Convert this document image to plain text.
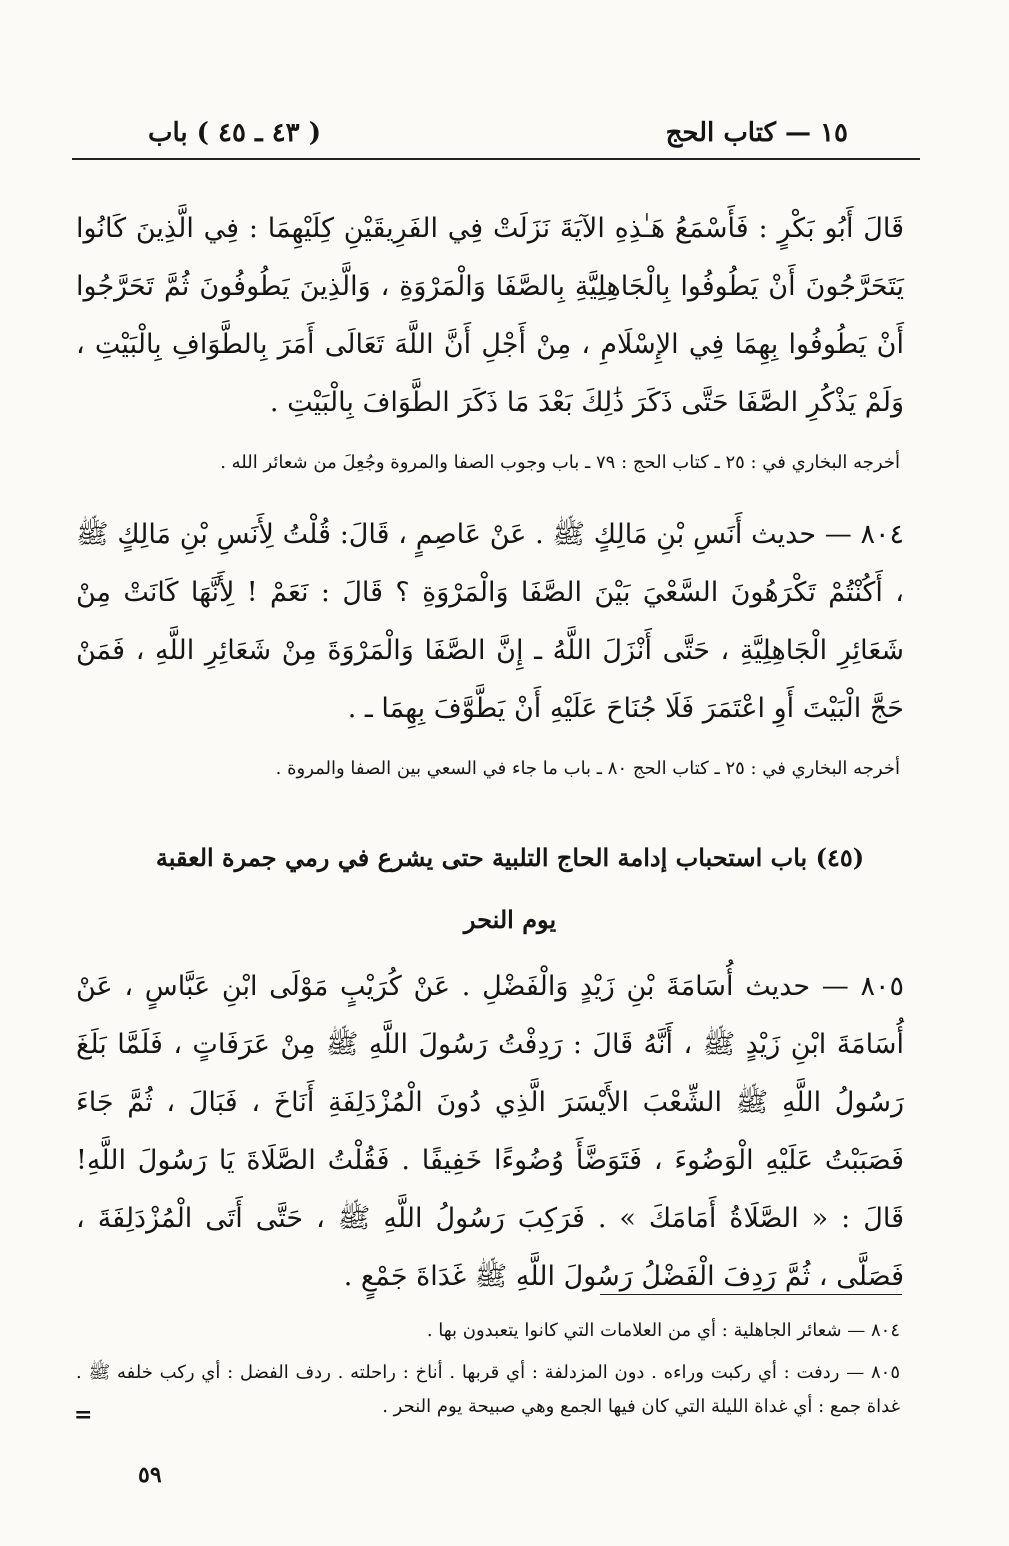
١٥ — كتاب الحج
( ٤٣ ـ ٤٥ ) باب
قَالَ أَبُو بَكْرٍ : فَأَسْمَعُ هَـٰذِهِ الآيَةَ نَزَلَتْ فِي الفَرِيقَيْنِ كِلَيْهِمَا : فِي الَّذِينَ كَانُوا يَتَحَرَّجُونَ أَنْ يَطُوفُوا بِالْجَاهِلِيَّةِ بِالصَّفَا وَالْمَرْوَةِ ، وَالَّذِينَ يَطُوفُونَ ثُمَّ تَحَرَّجُوا أَنْ يَطُوفُوا بِهِمَا فِي الإِسْلَامِ ، مِنْ أَجْلِ أَنَّ اللَّهَ تَعَالَى أَمَرَ بِالطَّوَافِ بِالْبَيْتِ ، وَلَمْ يَذْكُرِ الصَّفَا حَتَّى ذَكَرَ ذَٰلِكَ بَعْدَ مَا ذَكَرَ الطَّوَافَ بِالْبَيْتِ .
أخرجه البخاري في : ٢٥ ـ كتاب الحج : ٧٩ ـ باب وجوب الصفا والمروة وجُعِلَ من شعائر الله .
٨٠٤ — حديث أَنَسِ بْنِ مَالِكٍ ﷺ . عَنْ عَاصِمٍ ، قَالَ: قُلْتُ لِأَنَسِ بْنِ مَالِكٍ ﷺ ، أَكُنْتُمْ تَكْرَهُونَ السَّعْيَ بَيْنَ الصَّفَا وَالْمَرْوَةِ ؟ قَالَ : نَعَمْ ! لِأَنَّهَا كَانَتْ مِنْ شَعَائِرِ الْجَاهِلِيَّةِ ، حَتَّى أَنْزَلَ اللَّهُ ـ إِنَّ الصَّفَا وَالْمَرْوَةَ مِنْ شَعَائِرِ اللَّهِ ، فَمَنْ حَجَّ الْبَيْتَ أَوِ اعْتَمَرَ فَلَا جُنَاحَ عَلَيْهِ أَنْ يَطَّوَّفَ بِهِمَا ـ .
أخرجه البخاري في : ٢٥ ـ كتاب الحج ٨٠ ـ باب ما جاء في السعي بين الصفا والمروة .
(٤٥) باب استحباب إدامة الحاج التلبية حتى يشرع في رمي جمرة العقبة
يوم النحر
٨٠٥ — حديث أُسَامَةَ بْنِ زَيْدٍ وَالْفَضْلِ . عَنْ كُرَيْبٍ مَوْلَى ابْنِ عَبَّاسٍ ، عَنْ أُسَامَةَ ابْنِ زَيْدٍ ﷺ ، أَنَّهُ قَالَ : رَدِفْتُ رَسُولَ اللَّهِ ﷺ مِنْ عَرَفَاتٍ ، فَلَمَّا بَلَغَ رَسُولُ اللَّهِ ﷺ الشِّعْبَ الأَيْسَرَ الَّذِي دُونَ الْمُزْدَلِفَةِ أَنَاخَ ، فَبَالَ ، ثُمَّ جَاءَ فَصَبَبْتُ عَلَيْهِ الْوَضُوءَ ، فَتَوَضَّأَ وُضُوءًا خَفِيفًا . فَقُلْتُ الصَّلَاةَ يَا رَسُولَ اللَّهِ! قَالَ : « الصَّلَاةُ أَمَامَكَ » . فَرَكِبَ رَسُولُ اللَّهِ ﷺ ، حَتَّى أَتَى الْمُزْدَلِفَةَ ، فَصَلَّى ، ثُمَّ رَدِفَ الْفَضْلُ رَسُولَ اللَّهِ ﷺ غَدَاةَ جَمْعٍ .
٨٠٤ — شعائر الجاهلية : أي من العلامات التي كانوا يتعبدون بها .
٨٠٥ — ردفت : أي ركبت وراءه . دون المزدلفة : أي قربها . أناخ : راحلته . ردف الفضل : أي ركب خلفه ﷺ . غداة جمع : أي غداة الليلة التي كان فيها الجمع وهي صبيحة يوم النحر .
=
٥٩
